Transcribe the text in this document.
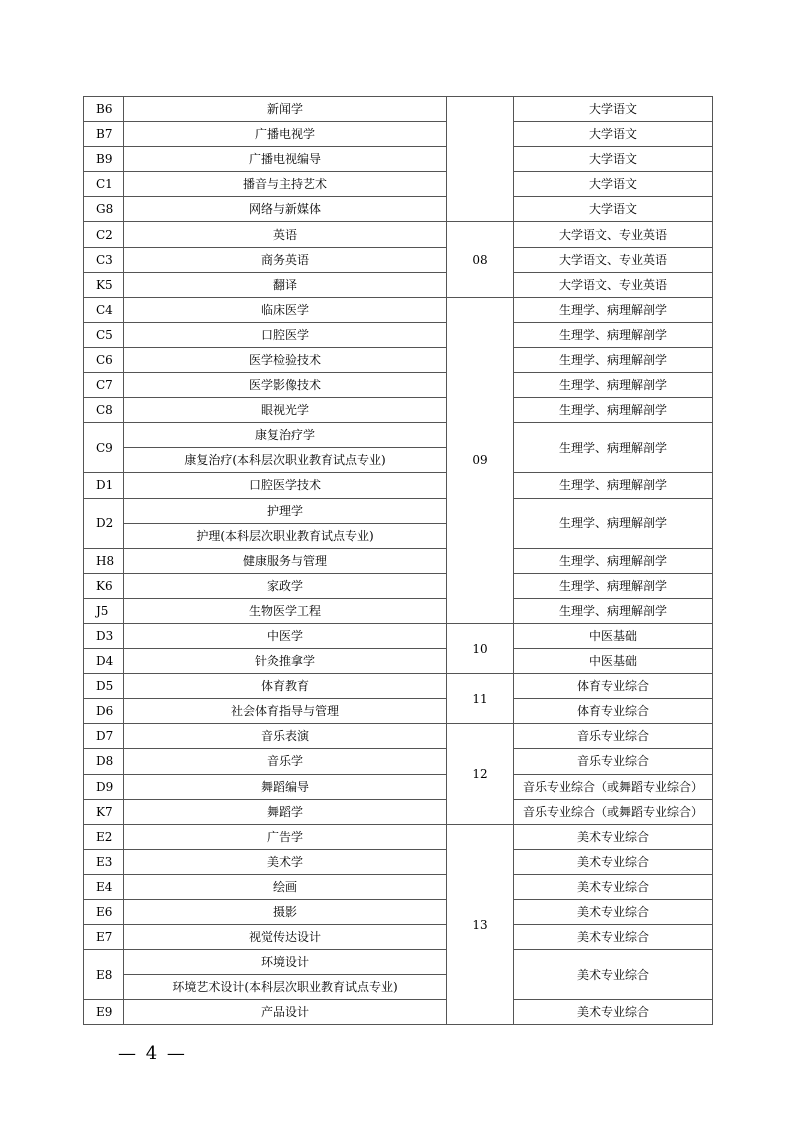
B6	新闻学		大学语文
B7	广播电视学		大学语文
B9	广播电视编导		大学语文
C1	播音与主持艺术		大学语文
G8	网络与新媒体		大学语文
C2	英语	08	大学语文、专业英语
C3	商务英语		大学语文、专业英语
K5	翻译		大学语文、专业英语
C4	临床医学	09	生理学、病理解剖学
C5	口腔医学		生理学、病理解剖学
C6	医学检验技术		生理学、病理解剖学
C7	医学影像技术		生理学、病理解剖学
C8	眼视光学		生理学、病理解剖学
C9	康复治疗学		生理学、病理解剖学
	康复治疗(本科层次职业教育试点专业)		
D1	口腔医学技术		生理学、病理解剖学
D2	护理学		生理学、病理解剖学
	护理(本科层次职业教育试点专业)		
H8	健康服务与管理		生理学、病理解剖学
K6	家政学		生理学、病理解剖学
J5	生物医学工程		生理学、病理解剖学
D3	中医学	10	中医基础
D4	针灸推拿学		中医基础
D5	体育教育	11	体育专业综合
D6	社会体育指导与管理		体育专业综合
D7	音乐表演	12	音乐专业综合
D8	音乐学		音乐专业综合
D9	舞蹈编导		音乐专业综合（或舞蹈专业综合）
K7	舞蹈学		音乐专业综合（或舞蹈专业综合）
E2	广告学	13	美术专业综合
E3	美术学		美术专业综合
E4	绘画		美术专业综合
E6	摄影		美术专业综合
E7	视觉传达设计		美术专业综合
E8	环境设计		美术专业综合
	环境艺术设计(本科层次职业教育试点专业)		
E9	产品设计		美术专业综合
— 4 —
